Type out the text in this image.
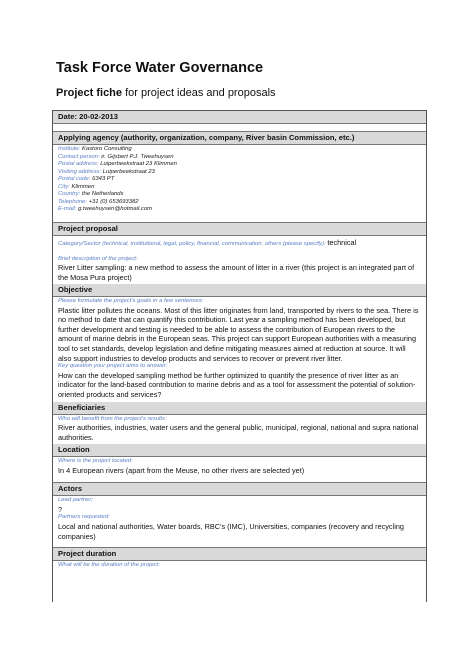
Task Force Water Governance
Project fiche for project ideas and proposals
Date: 20-02-2013
Applying agency (authority, organization, company, River basin Commission, etc.)
Institute: Kastoro Consulting
Contact person: ir. Gijsbert P.J. Tweehuysen
Postal address: Luiperbeekstraat 23 Klimmen
Visiting address: Luiperbeekstraat 23
Postal code: 6343 PT
City: Klimmen
Country: the Netherlands
Telephone: +31 (0) 653693382
E-mail: g.tweehuysen@hotmail.com
Project proposal
Category/Sector (technical, institutional, legal, policy, financial, communication, others (please specify): technical
Brief description of the project:
River Litter sampling: a new method to assess the amount of litter in a river (this project is an integrated part of the Mosa Pura project)
Objective
Please formulate the project’s goals in a few sentences:
Plastic litter pollutes the oceans. Most of this litter originates from land, transported by rivers to the sea. There is no method to date that can quantify this contribution. Last year a sampling method has been developed, but further development and testing is needed to be able to assess the contribution of European rivers to the amount of marine debris in the European seas. This project can support European authorities with a measuring tool to set standards, develop legislation and define mitigating measures aimed at reduction at source. It will also support industries to develop products and services to recover or prevent river litter.
Key question your project aims to answer:
How can the developed sampling method be further optimized to quantify the presence of river litter as an indicator for the land-based contribution to marine debris and as a tool for assessment the potential of solution-oriented products and services?
Beneficiaries
Who will benefit from the project’s results:
River authorities, industries, water users and the general public, municipal, regional, national and supra national authorities.
Location
Where is the project located:
In 4 European rivers (apart from the Meuse, no other rivers are selected yet)
Actors
Lead partner;
?
Partners requested:
Local and national authorities, Water boards, RBC’s (IMC), Universities, companies (recovery and recycling companies)
Project duration
What will be the duration of the project:
